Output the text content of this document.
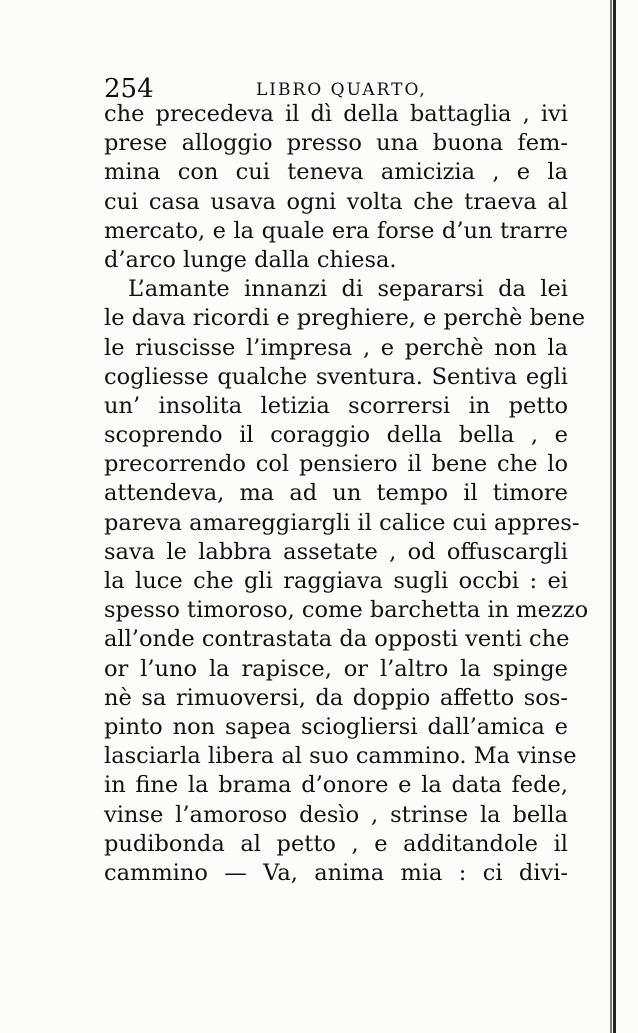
254	LIBRO QUARTO,
che precedeva il dì della battaglia , ivi
prese alloggio presso una buona fem-
mina con cui teneva amicizia , e la
cui casa usava ogni volta che traeva al
mercato, e la quale era forse d’un trarre
d’arco lunge dalla chiesa.
L’amante innanzi di separarsi da lei
le dava ricordi e preghiere, e perchè bene
le riuscisse l’impresa , e perchè non la
cogliesse qualche sventura. Sentiva egli
un’ insolita letizia scorrersi in petto
scoprendo il coraggio della bella , e
precorrendo col pensiero il bene che lo
attendeva, ma ad un tempo il timore
pareva amareggiargli il calice cui appres-
sava le labbra assetate , od offuscargli
la luce che gli raggiava sugli occbi : ei
spesso timoroso, come barchetta in mezzo
all’onde contrastata da opposti venti che
or l’uno la rapisce, or l’altro la spinge
nè sa rimuoversi, da doppio affetto sos-
pinto non sapea sciogliersi dall’amica e
lasciarla libera al suo cammino. Ma vinse
in fine la brama d’onore e la data fede,
vinse l’amoroso desìo , strinse la bella
pudibonda al petto , e additandole il
cammino — Va, anima mia : ci divi-
